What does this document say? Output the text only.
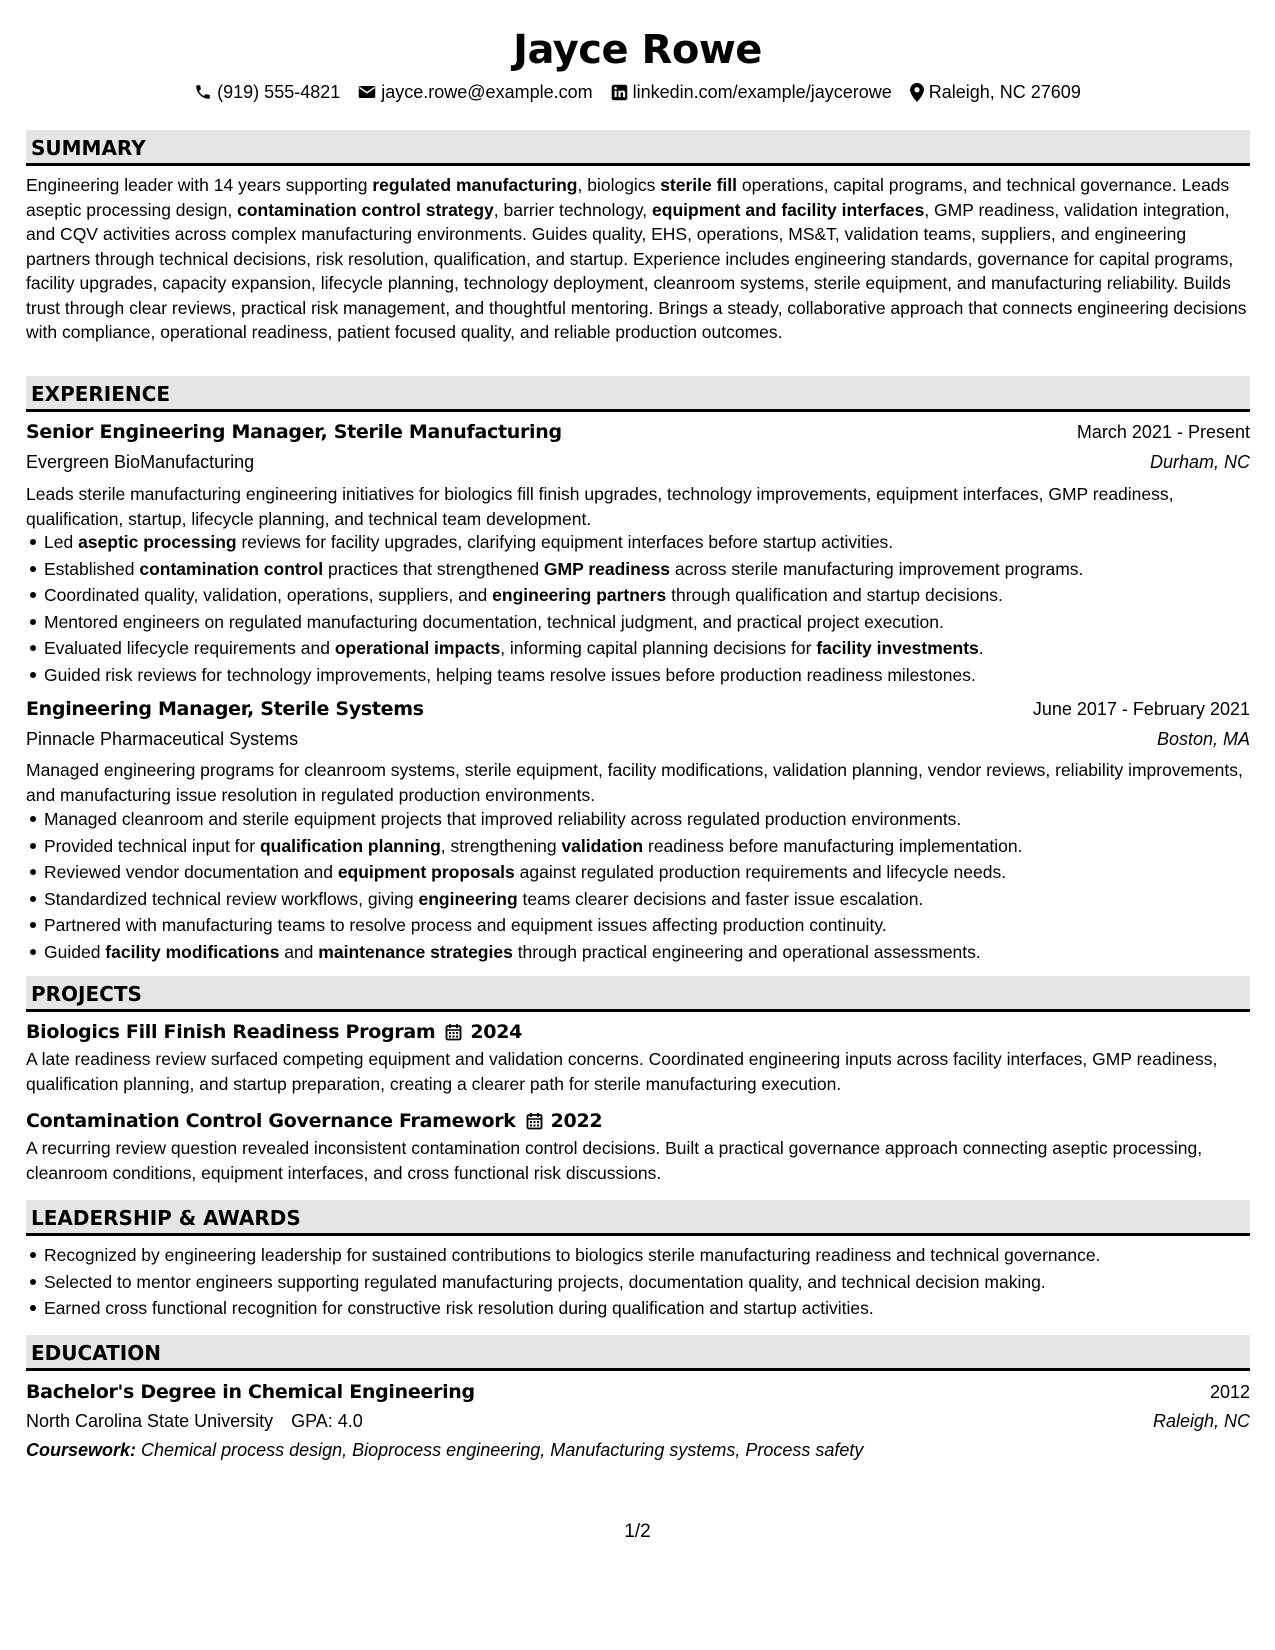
Jayce Rowe
(919) 555-4821 jayce.rowe@example.com linkedin.com/example/jaycerowe Raleigh, NC 27609
SUMMARY

Engineering leader with 14 years supporting regulated manufacturing, biologics sterile fill operations, capital programs, and technical governance. Leads aseptic processing design, contamination control strategy, barrier technology, equipment and facility interfaces, GMP readiness, validation integration, and CQV activities across complex manufacturing environments. Guides quality, EHS, operations, MS&T, validation teams, suppliers, and engineering partners through technical decisions, risk resolution, qualification, and startup. Experience includes engineering standards, governance for capital programs, facility upgrades, capacity expansion, lifecycle planning, technology deployment, cleanroom systems, sterile equipment, and manufacturing reliability. Builds trust through clear reviews, practical risk management, and thoughtful mentoring. Brings a steady, collaborative approach that connects engineering decisions with compliance, operational readiness, patient focused quality, and reliable production outcomes.

EXPERIENCE
Senior Engineering Manager, Sterile Manufacturing	March 2021 - Present
Evergreen BioManufacturing	Durham, NC

Leads sterile manufacturing engineering initiatives for biologics fill finish upgrades, technology improvements, equipment interfaces, GMP readiness, qualification, startup, lifecycle planning, and technical team development.

Led aseptic processing reviews for facility upgrades, clarifying equipment interfaces before startup activities.
Established contamination control practices that strengthened GMP readiness across sterile manufacturing improvement programs.
Coordinated quality, validation, operations, suppliers, and engineering partners through qualification and startup decisions.
Mentored engineers on regulated manufacturing documentation, technical judgment, and practical project execution.
Evaluated lifecycle requirements and operational impacts, informing capital planning decisions for facility investments.
Guided risk reviews for technology improvements, helping teams resolve issues before production readiness milestones.
Engineering Manager, Sterile Systems	June 2017 - February 2021
Pinnacle Pharmaceutical Systems	Boston, MA

Managed engineering programs for cleanroom systems, sterile equipment, facility modifications, validation planning, vendor reviews, reliability improvements, and manufacturing issue resolution in regulated production environments.

Managed cleanroom and sterile equipment projects that improved reliability across regulated production environments.
Provided technical input for qualification planning, strengthening validation readiness before manufacturing implementation.
Reviewed vendor documentation and equipment proposals against regulated production requirements and lifecycle needs.
Standardized technical review workflows, giving engineering teams clearer decisions and faster issue escalation.
Partnered with manufacturing teams to resolve process and equipment issues affecting production continuity.
Guided facility modifications and maintenance strategies through practical engineering and operational assessments.
PROJECTS
Biologics Fill Finish Readiness Program 2024

A late readiness review surfaced competing equipment and validation concerns. Coordinated engineering inputs across facility interfaces, GMP readiness, qualification planning, and startup preparation, creating a clearer path for sterile manufacturing execution.

Contamination Control Governance Framework 2022

A recurring review question revealed inconsistent contamination control decisions. Built a practical governance approach connecting aseptic processing, cleanroom conditions, equipment interfaces, and cross functional risk discussions.

LEADERSHIP & AWARDS
Recognized by engineering leadership for sustained contributions to biologics sterile manufacturing readiness and technical governance.
Selected to mentor engineers supporting regulated manufacturing projects, documentation quality, and technical decision making.
Earned cross functional recognition for constructive risk resolution during qualification and startup activities.
EDUCATION
Bachelor's Degree in Chemical Engineering	2012
North Carolina State University GPA: 4.0	Raleigh, NC
Coursework: Chemical process design, Bioprocess engineering, Manufacturing systems, Process safety
1/2
